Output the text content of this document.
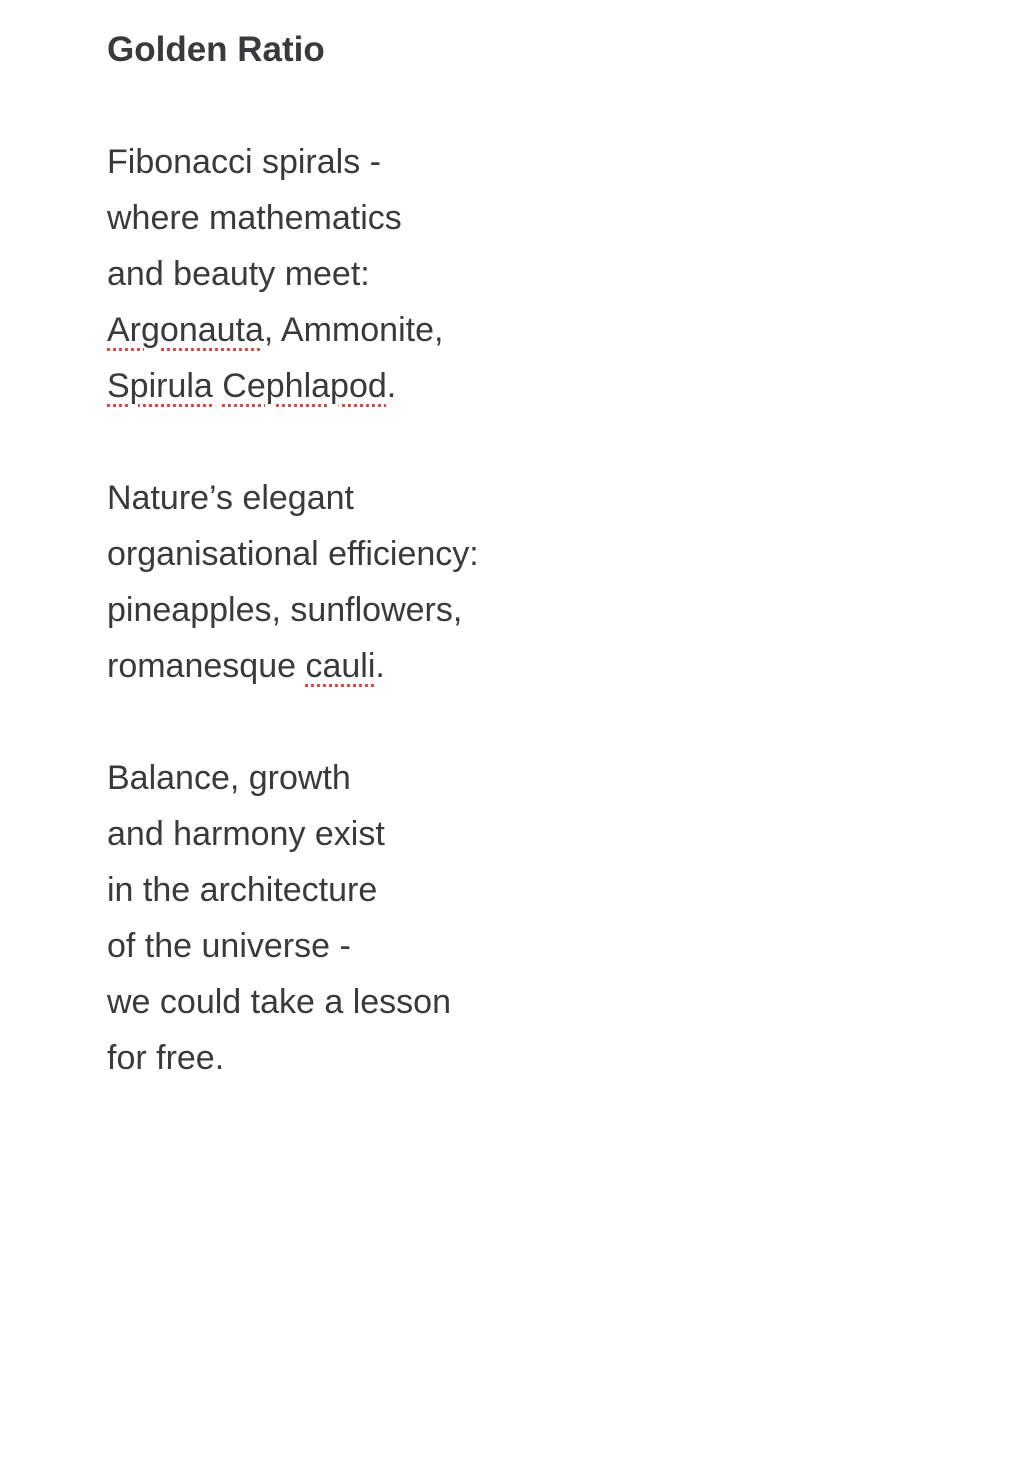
Golden Ratio
Fibonacci spirals -
where mathematics
and beauty meet:
Argonauta, Ammonite,
Spirula Cephlapod.
Nature’s elegant
organisational efficiency:
pineapples, sunflowers,
romanesque cauli.
Balance, growth
and harmony exist
in the architecture
of the universe -
we could take a lesson
for free.
